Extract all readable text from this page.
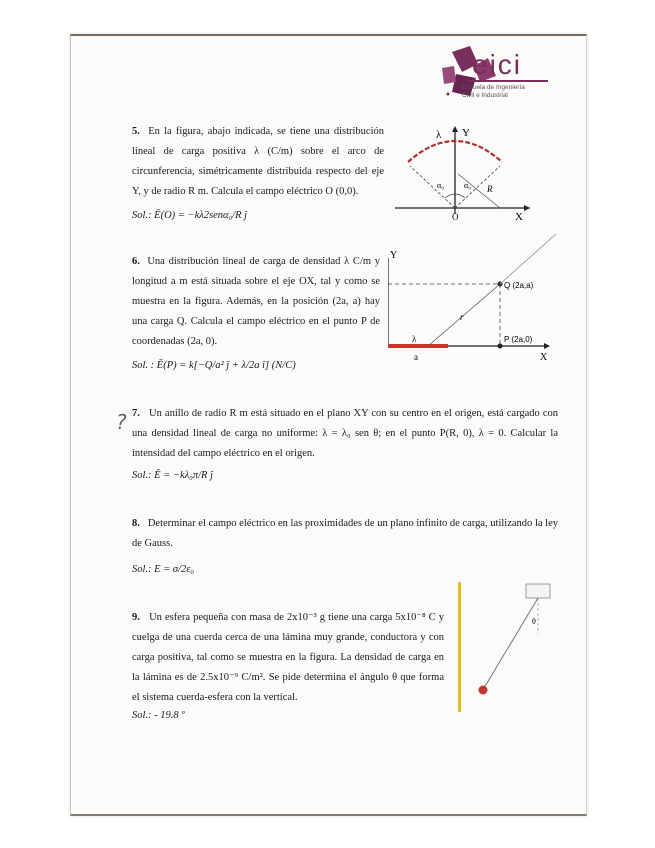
eici
Escuela de Ingeniería
Civil e Industrial
5. En la figura, abajo indicada, se tiene una distribución lineal de carga positiva λ (C/m) sobre el arco de circunferencia, simétricamente distribuida respecto del eje Y, y de radio R m. Calcula el campo eléctrico O (0,0).
Sol.: Ē(O) = −kλ2senα₀/R ĵ
λ Y
α₀	α₀ R
O	X
6. Una distribución lineal de carga de densidad λ C/m y longitud a m está situada sobre el eje OX, tal y como se muestra en la figura. Además, en la posición (2a, a) hay una carga Q. Calcula el campo eléctrico en el punto P de coordenadas (2a, 0).
Sol. : Ē(P) = k[−Q/a² ĵ + λ/2a î] (N/C)
Y
Q (2a,a)
P (2a,0)
λ
a	X
r
? 7. Un anillo de radio R m está situado en el plano XY con su centro en el origen, está cargado con una densidad lineal de carga no uniforme: λ = λ₀ sen θ; en el punto P(R, 0), λ = 0. Calcular la intensidad del campo eléctrico en el origen.
Sol.: Ē = −kλ₀π/R ĵ
8. Determinar el campo eléctrico en las proximidades de un plano infinito de carga, utilizando la ley de Gauss.
Sol.: E = σ/2ε₀
9. Un esfera pequeña con masa de 2x10⁻³ g tiene una carga 5x10⁻⁸ C y cuelga de una cuerda cerca de una lámina muy grande, conductora y con carga positiva, tal como se muestra en la figura. La densidad de carga en la lámina es de 2.5x10⁻⁹ C/m². Se pide determina el ángulo θ que forma el sistema cuerda-esfera con la vertical.
Sol.: - 19.8 º
θ
